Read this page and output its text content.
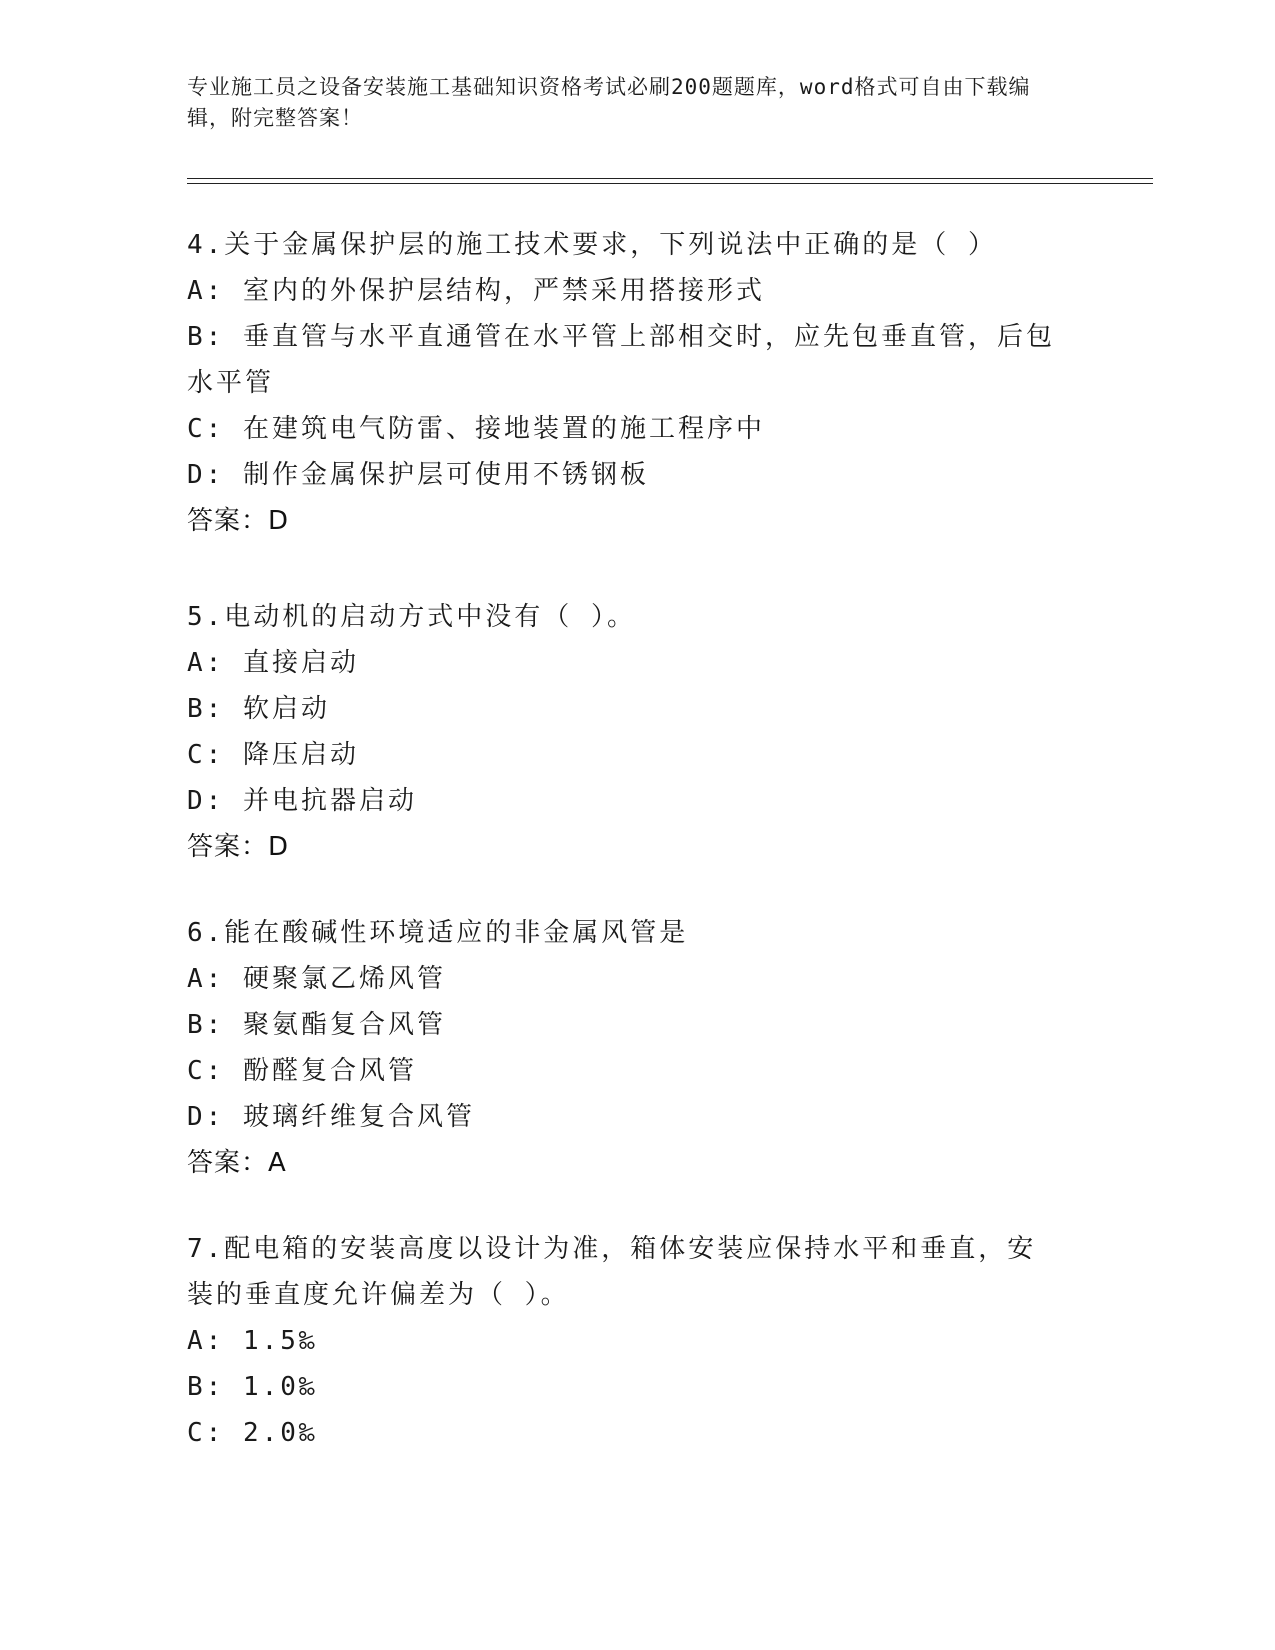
专业施工员之设备安装施工基础知识资格考试必刷200题题库，word格式可自由下载编辑，附完整答案！
4.关于金属保护层的施工技术要求，下列说法中正确的是（ ）
A: 室内的外保护层结构，严禁采用搭接形式
B: 垂直管与水平直通管在水平管上部相交时，应先包垂直管，后包水平管
C: 在建筑电气防雷、接地装置的施工程序中
D: 制作金属保护层可使用不锈钢板
答案：D
5.电动机的启动方式中没有（ ）。
A: 直接启动
B: 软启动
C: 降压启动
D: 并电抗器启动
答案：D
6.能在酸碱性环境适应的非金属风管是
A: 硬聚氯乙烯风管
B: 聚氨酯复合风管
C: 酚醛复合风管
D: 玻璃纤维复合风管
答案：A
7.配电箱的安装高度以设计为准，箱体安装应保持水平和垂直，安装的垂直度允许偏差为（ ）。
A: 1.5‰
B: 1.0‰
C: 2.0‰
